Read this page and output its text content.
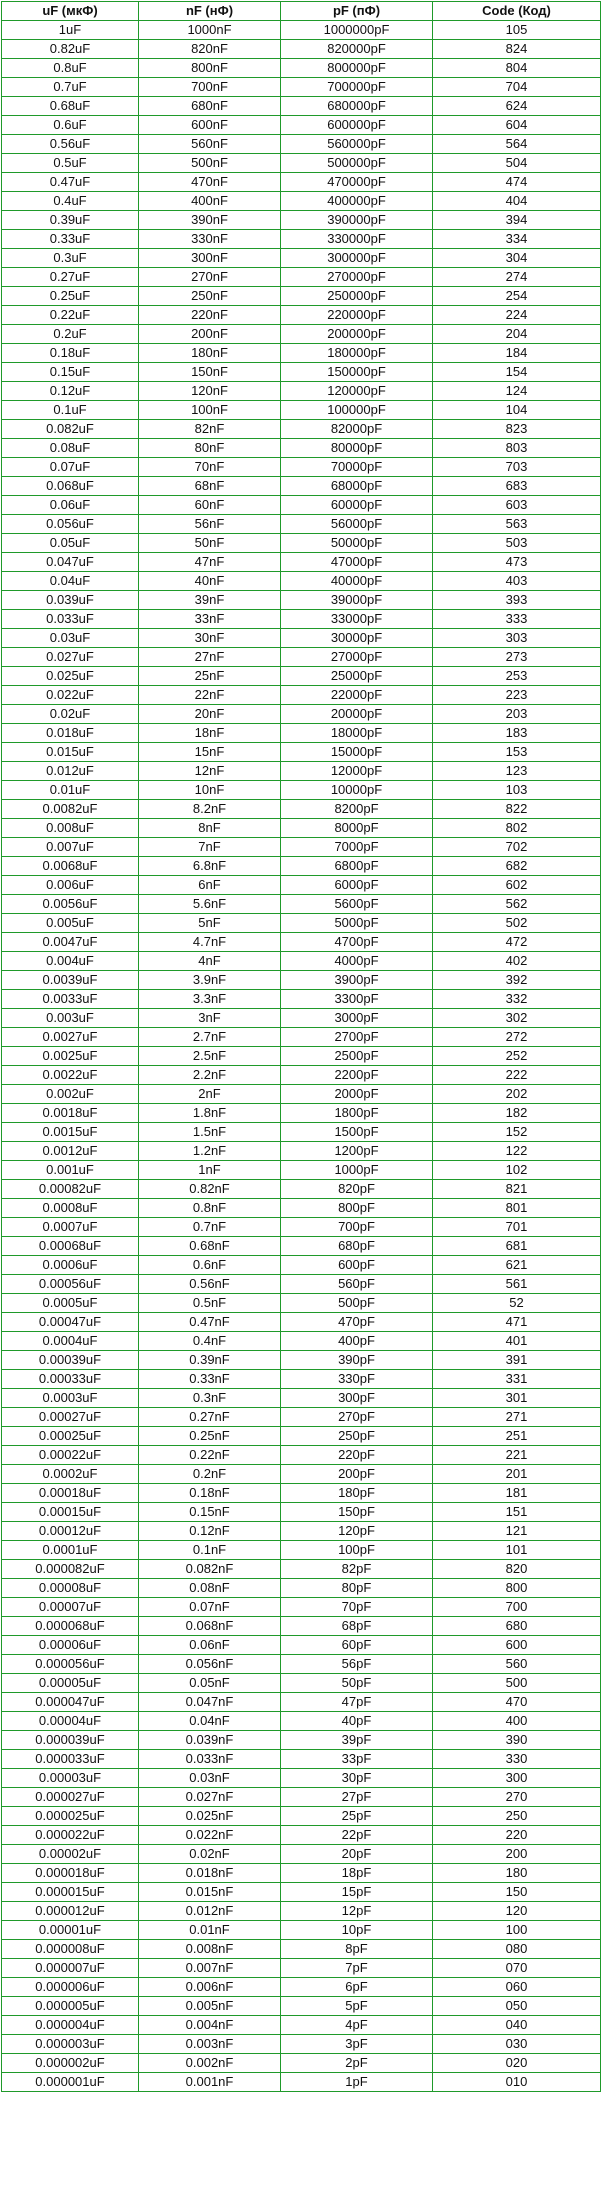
uF (мкФ)	nF (нФ)	pF (пФ)	Code (Код)
1uF	1000nF	1000000pF	105
0.82uF	820nF	820000pF	824
0.8uF	800nF	800000pF	804
0.7uF	700nF	700000pF	704
0.68uF	680nF	680000pF	624
0.6uF	600nF	600000pF	604
0.56uF	560nF	560000pF	564
0.5uF	500nF	500000pF	504
0.47uF	470nF	470000pF	474
0.4uF	400nF	400000pF	404
0.39uF	390nF	390000pF	394
0.33uF	330nF	330000pF	334
0.3uF	300nF	300000pF	304
0.27uF	270nF	270000pF	274
0.25uF	250nF	250000pF	254
0.22uF	220nF	220000pF	224
0.2uF	200nF	200000pF	204
0.18uF	180nF	180000pF	184
0.15uF	150nF	150000pF	154
0.12uF	120nF	120000pF	124
0.1uF	100nF	100000pF	104
0.082uF	82nF	82000pF	823
0.08uF	80nF	80000pF	803
0.07uF	70nF	70000pF	703
0.068uF	68nF	68000pF	683
0.06uF	60nF	60000pF	603
0.056uF	56nF	56000pF	563
0.05uF	50nF	50000pF	503
0.047uF	47nF	47000pF	473
0.04uF	40nF	40000pF	403
0.039uF	39nF	39000pF	393
0.033uF	33nF	33000pF	333
0.03uF	30nF	30000pF	303
0.027uF	27nF	27000pF	273
0.025uF	25nF	25000pF	253
0.022uF	22nF	22000pF	223
0.02uF	20nF	20000pF	203
0.018uF	18nF	18000pF	183
0.015uF	15nF	15000pF	153
0.012uF	12nF	12000pF	123
0.01uF	10nF	10000pF	103
0.0082uF	8.2nF	8200pF	822
0.008uF	8nF	8000pF	802
0.007uF	7nF	7000pF	702
0.0068uF	6.8nF	6800pF	682
0.006uF	6nF	6000pF	602
0.0056uF	5.6nF	5600pF	562
0.005uF	5nF	5000pF	502
0.0047uF	4.7nF	4700pF	472
0.004uF	4nF	4000pF	402
0.0039uF	3.9nF	3900pF	392
0.0033uF	3.3nF	3300pF	332
0.003uF	3nF	3000pF	302
0.0027uF	2.7nF	2700pF	272
0.0025uF	2.5nF	2500pF	252
0.0022uF	2.2nF	2200pF	222
0.002uF	2nF	2000pF	202
0.0018uF	1.8nF	1800pF	182
0.0015uF	1.5nF	1500pF	152
0.0012uF	1.2nF	1200pF	122
0.001uF	1nF	1000pF	102
0.00082uF	0.82nF	820pF	821
0.0008uF	0.8nF	800pF	801
0.0007uF	0.7nF	700pF	701
0.00068uF	0.68nF	680pF	681
0.0006uF	0.6nF	600pF	621
0.00056uF	0.56nF	560pF	561
0.0005uF	0.5nF	500pF	52
0.00047uF	0.47nF	470pF	471
0.0004uF	0.4nF	400pF	401
0.00039uF	0.39nF	390pF	391
0.00033uF	0.33nF	330pF	331
0.0003uF	0.3nF	300pF	301
0.00027uF	0.27nF	270pF	271
0.00025uF	0.25nF	250pF	251
0.00022uF	0.22nF	220pF	221
0.0002uF	0.2nF	200pF	201
0.00018uF	0.18nF	180pF	181
0.00015uF	0.15nF	150pF	151
0.00012uF	0.12nF	120pF	121
0.0001uF	0.1nF	100pF	101
0.000082uF	0.082nF	82pF	820
0.00008uF	0.08nF	80pF	800
0.00007uF	0.07nF	70pF	700
0.000068uF	0.068nF	68pF	680
0.00006uF	0.06nF	60pF	600
0.000056uF	0.056nF	56pF	560
0.00005uF	0.05nF	50pF	500
0.000047uF	0.047nF	47pF	470
0.00004uF	0.04nF	40pF	400
0.000039uF	0.039nF	39pF	390
0.000033uF	0.033nF	33pF	330
0.00003uF	0.03nF	30pF	300
0.000027uF	0.027nF	27pF	270
0.000025uF	0.025nF	25pF	250
0.000022uF	0.022nF	22pF	220
0.00002uF	0.02nF	20pF	200
0.000018uF	0.018nF	18pF	180
0.000015uF	0.015nF	15pF	150
0.000012uF	0.012nF	12pF	120
0.00001uF	0.01nF	10pF	100
0.000008uF	0.008nF	8pF	080
0.000007uF	0.007nF	7pF	070
0.000006uF	0.006nF	6pF	060
0.000005uF	0.005nF	5pF	050
0.000004uF	0.004nF	4pF	040
0.000003uF	0.003nF	3pF	030
0.000002uF	0.002nF	2pF	020
0.000001uF	0.001nF	1pF	010
